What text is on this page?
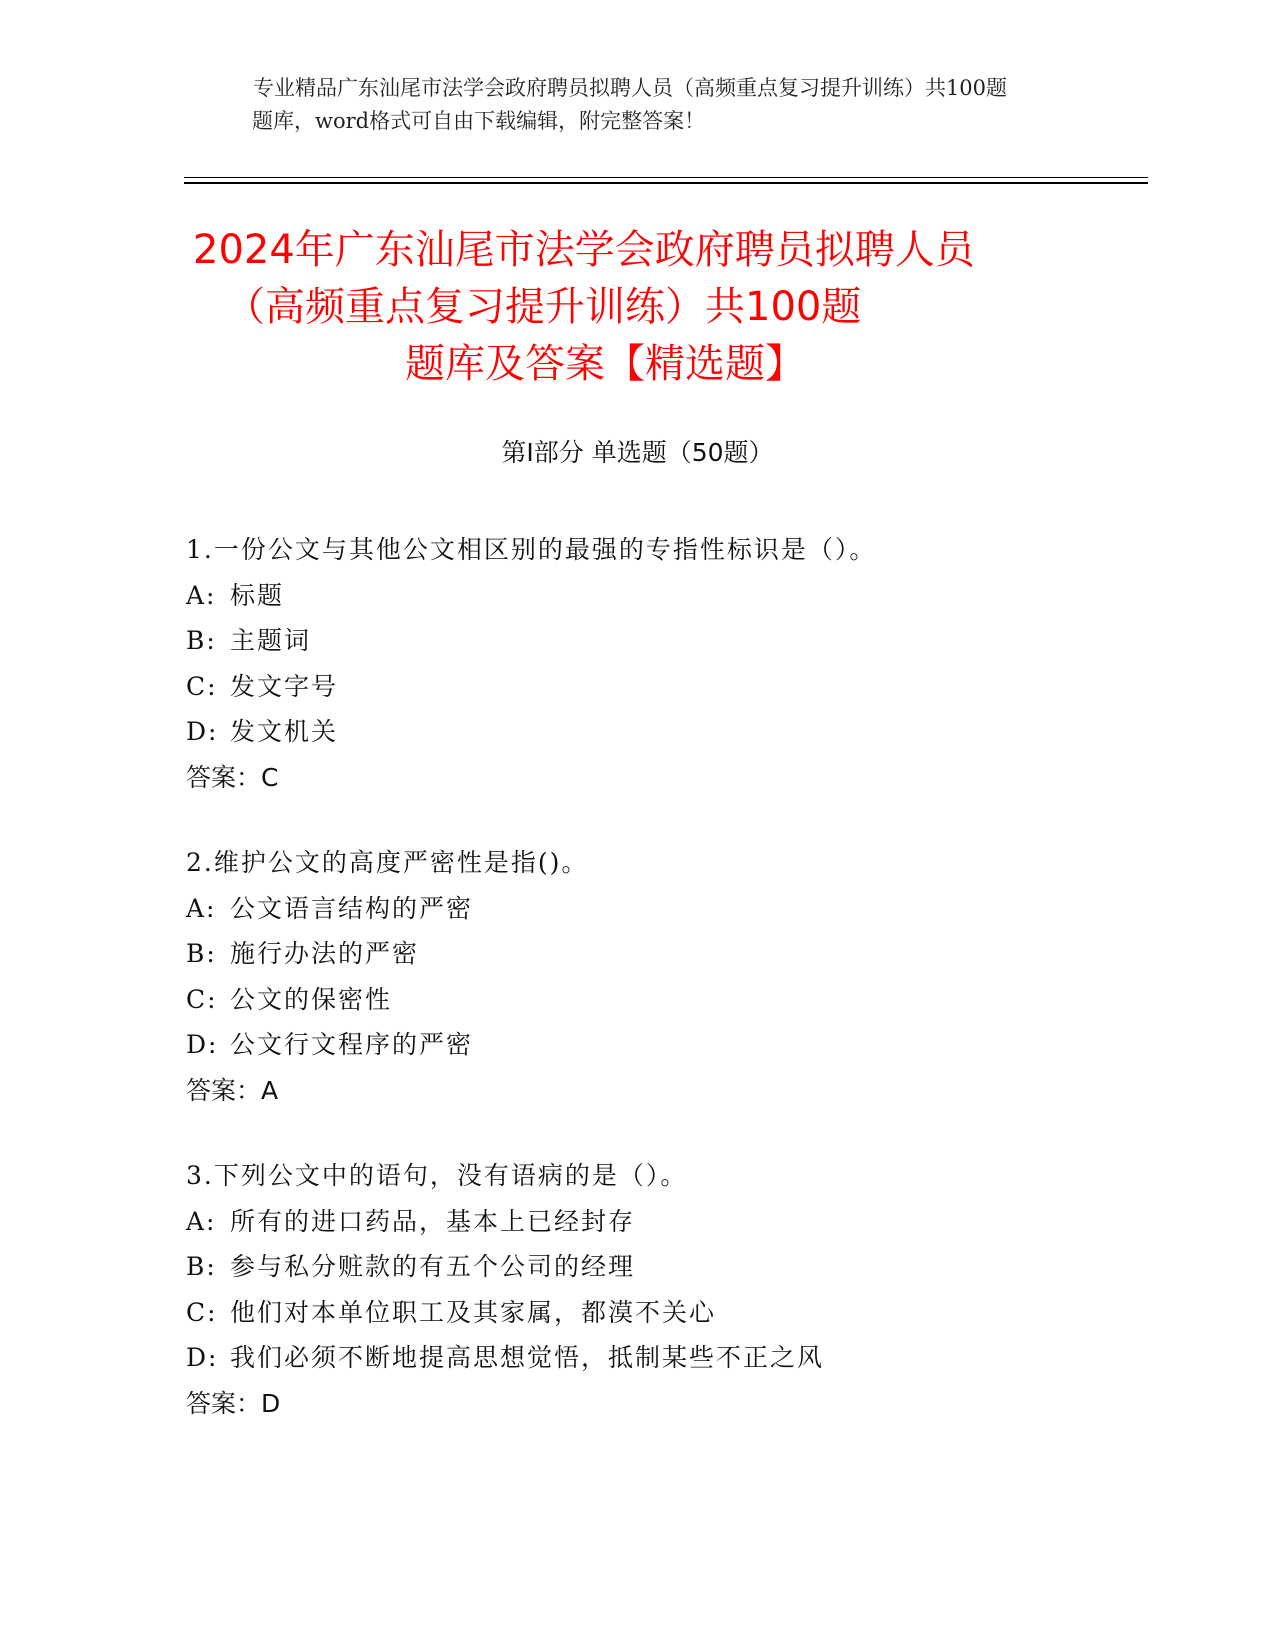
专业精品广东汕尾市法学会政府聘员拟聘人员（高频重点复习提升训练）共100题
题库，word格式可自由下载编辑，附完整答案！
2024年广东汕尾市法学会政府聘员拟聘人员
（高频重点复习提升训练）共100题
题库及答案【精选题】
第Ⅰ部分 单选题（50题）
1.一份公文与其他公文相区别的最强的专指性标识是（）。
A: 标题
B: 主题词
C: 发文字号
D: 发文机关
答案：C
2.维护公文的高度严密性是指()。
A: 公文语言结构的严密
B: 施行办法的严密
C: 公文的保密性
D: 公文行文程序的严密
答案：A
3.下列公文中的语句，没有语病的是（）。
A: 所有的进口药品，基本上已经封存
B: 参与私分赃款的有五个公司的经理
C: 他们对本单位职工及其家属，都漠不关心
D: 我们必须不断地提高思想觉悟，抵制某些不正之风
答案：D
